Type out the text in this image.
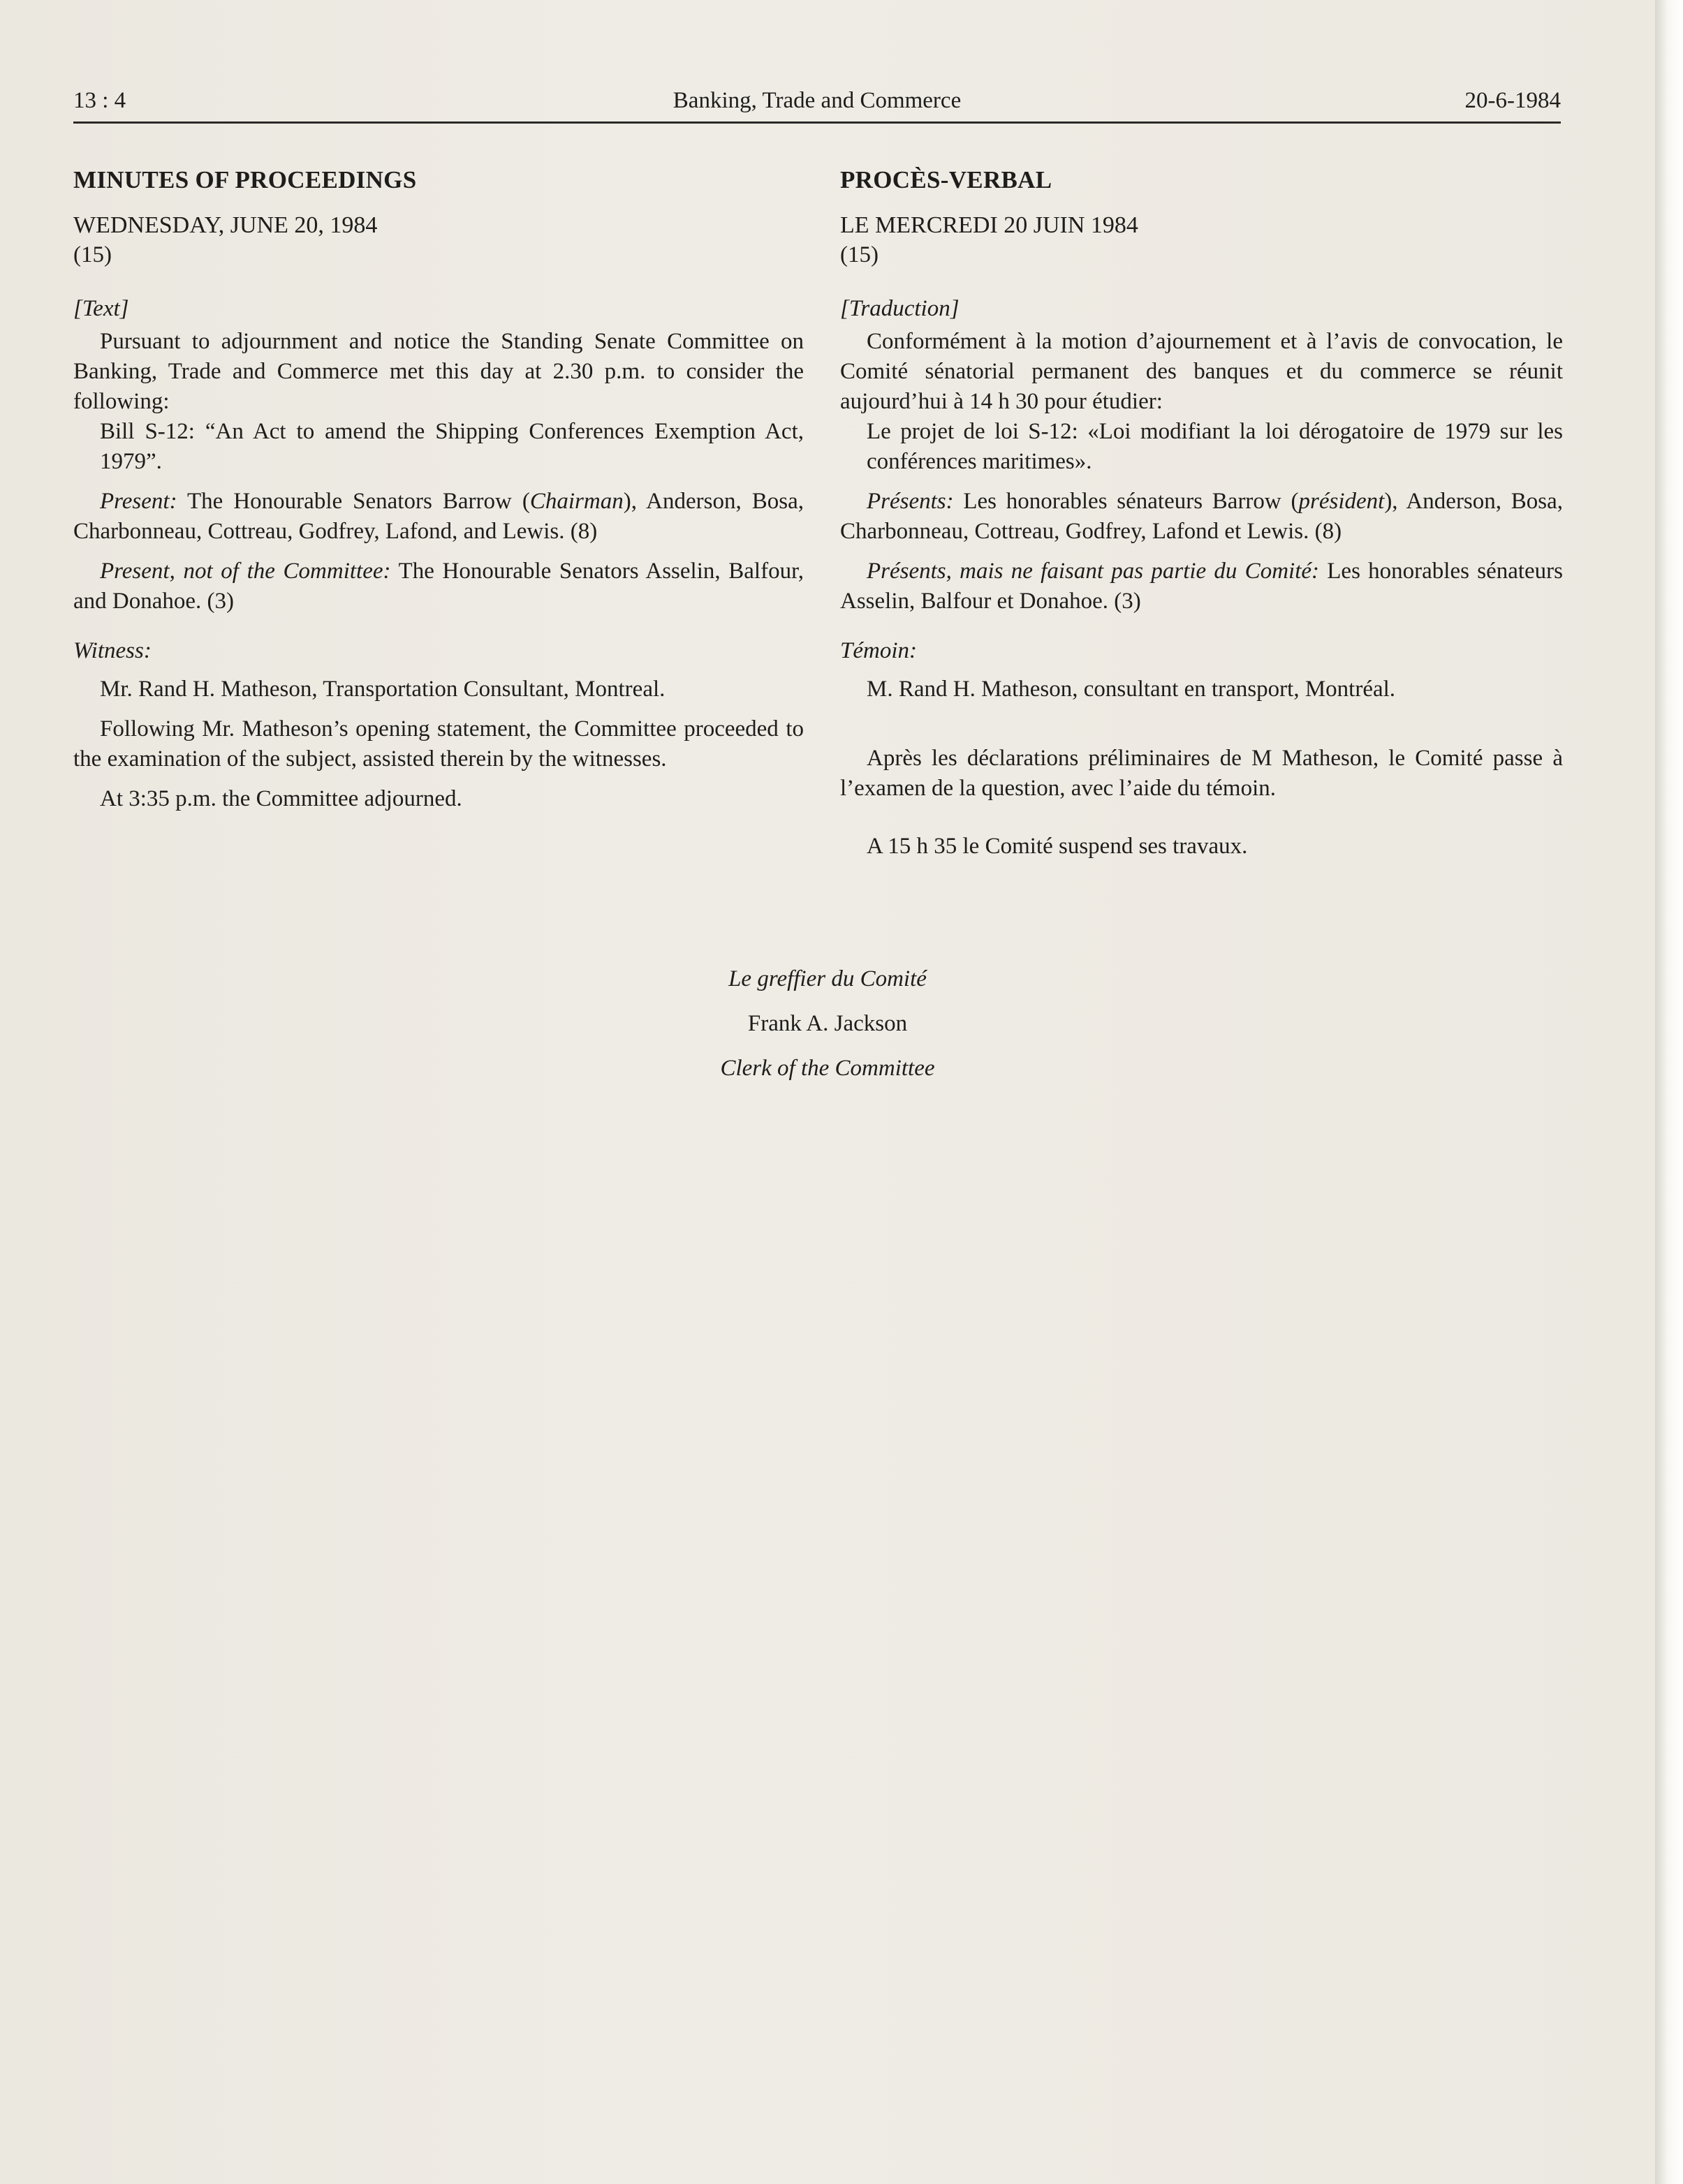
13 : 4	Banking, Trade and Commerce	20-6-1984
MINUTES OF PROCEEDINGS
WEDNESDAY, JUNE 20, 1984
(15)
[Text]

Pursuant to adjournment and notice the Standing Senate Committee on Banking, Trade and Commerce met this day at 2.30 p.m. to consider the following:

Bill S-12: “An Act to amend the Shipping Conferences Exemption Act, 1979”.

Present: The Honourable Senators Barrow (Chairman), Anderson, Bosa, Charbonneau, Cottreau, Godfrey, Lafond, and Lewis. (8)

Present, not of the Committee: The Honourable Senators Asselin, Balfour, and Donahoe. (3)

Witness:

Mr. Rand H. Matheson, Transportation Consultant, Montreal.

Following Mr. Matheson’s opening statement, the Committee proceeded to the examination of the subject, assisted therein by the witnesses.

At 3:35 p.m. the Committee adjourned.

PROCÈS-VERBAL
LE MERCREDI 20 JUIN 1984
(15)
[Traduction]

Conformément à la motion d’ajournement et à l’avis de convocation, le Comité sénatorial permanent des banques et du commerce se réunit aujourd’hui à 14 h 30 pour étudier:

Le projet de loi S-12: «Loi modifiant la loi dérogatoire de 1979 sur les conférences maritimes».

Présents: Les honorables sénateurs Barrow (président), Anderson, Bosa, Charbonneau, Cottreau, Godfrey, Lafond et Lewis. (8)

Présents, mais ne faisant pas partie du Comité: Les honorables sénateurs Asselin, Balfour et Donahoe. (3)

Témoin:

M. Rand H. Matheson, consultant en transport, Montréal.

Après les déclarations préliminaires de M Matheson, le Comité passe à l’examen de la question, avec l’aide du témoin.

A 15 h 35 le Comité suspend ses travaux.

Le greffier du Comité
Frank A. Jackson
Clerk of the Committee
